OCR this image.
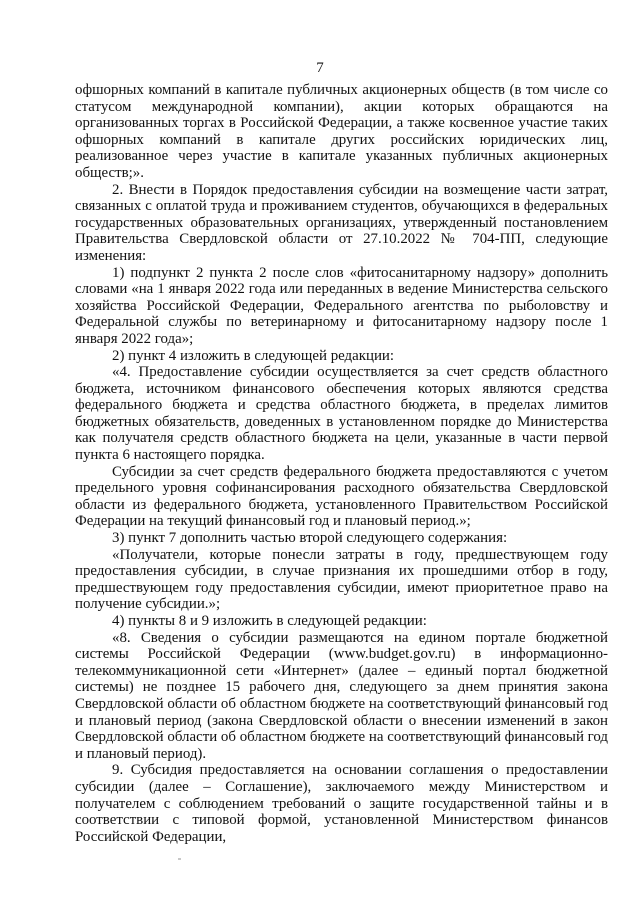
7

офшорных компаний в капитале публичных акционерных обществ (в том числе со статусом международной компании), акции которых обращаются на организованных торгах в Российской Федерации, а также косвенное участие таких офшорных компаний в капитале других российских юридических лиц, реализованное через участие в капитале указанных публичных акционерных обществ;».

2. Внести в Порядок предоставления субсидии на возмещение части затрат, связанных с оплатой труда и проживанием студентов, обучающихся в федеральных государственных образовательных организациях, утвержденный постановлением Правительства Свердловской области от 27.10.2022 № 704-ПП, следующие изменения:

1) подпункт 2 пункта 2 после слов «фитосанитарному надзору» дополнить словами «на 1 января 2022 года или переданных в ведение Министерства сельского хозяйства Российской Федерации, Федерального агентства по рыболовству и Федеральной службы по ветеринарному и фитосанитарному надзору после 1 января 2022 года»;

2) пункт 4 изложить в следующей редакции:

«4. Предоставление субсидии осуществляется за счет средств областного бюджета, источником финансового обеспечения которых являются средства федерального бюджета и средства областного бюджета, в пределах лимитов бюджетных обязательств, доведенных в установленном порядке до Министерства как получателя средств областного бюджета на цели, указанные в части первой пункта 6 настоящего порядка.

Субсидии за счет средств федерального бюджета предоставляются с учетом предельного уровня софинансирования расходного обязательства Свердловской области из федерального бюджета, установленного Правительством Российской Федерации на текущий финансовый год и плановый период.»;

3) пункт 7 дополнить частью второй следующего содержания:

«Получатели, которые понесли затраты в году, предшествующем году предоставления субсидии, в случае признания их прошедшими отбор в году, предшествующем году предоставления субсидии, имеют приоритетное право на получение субсидии.»;

4) пункты 8 и 9 изложить в следующей редакции:

«8. Сведения о субсидии размещаются на едином портале бюджетной системы Российской Федерации (www.budget.gov.ru) в информационно-телекоммуникационной сети «Интернет» (далее – единый портал бюджетной системы) не позднее 15 рабочего дня, следующего за днем принятия закона Свердловской области об областном бюджете на соответствующий финансовый год и плановый период (закона Свердловской области о внесении изменений в закон Свердловской области об областном бюджете на соответствующий финансовый год и плановый период).

9. Субсидия предоставляется на основании соглашения о предоставлении субсидии (далее – Соглашение), заключаемого между Министерством и получателем с соблюдением требований о защите государственной тайны и в соответствии с типовой формой, установленной Министерством финансов Российской Федерации,
